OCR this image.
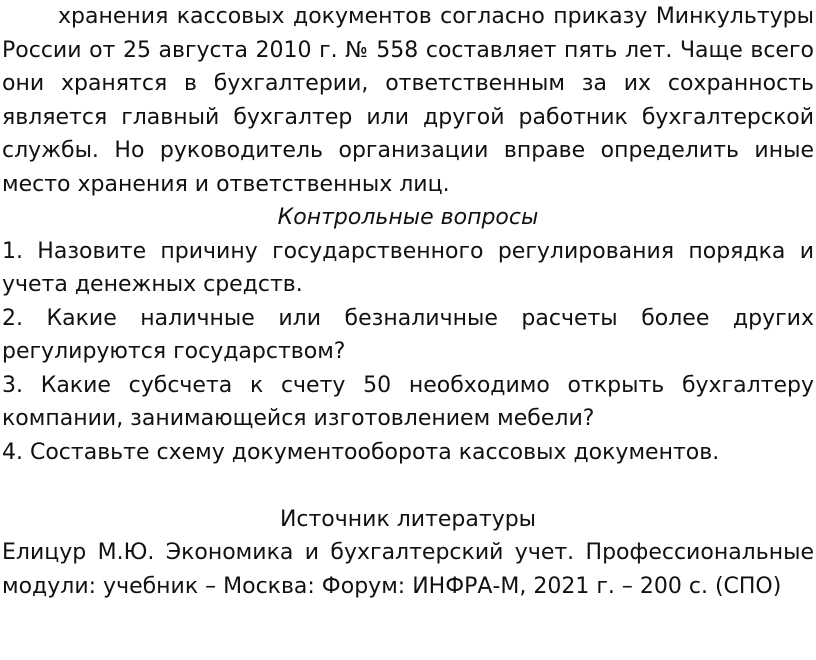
хранения кассовых документов согласно приказу Минкультуры России от 25 августа 2010 г. № 558 составляет пять лет. Чаще всего они хранятся в бухгалтерии, ответственным за их сохранность является главный бухгалтер или другой работник бухгалтерской службы. Но руководитель организации вправе определить иные место хранения и ответственных лиц.

Контрольные вопросы

1. Назовите причину государственного регулирования порядка и учета денежных средств.

2. Какие наличные или безналичные расчеты более других регулируются государством?

3. Какие субсчета к счету 50 необходимо открыть бухгалтеру компании, занимающейся изготовлением мебели?

4. Составьте схему документооборота кассовых документов.

Источник литературы

Елицур М.Ю. Экономика и бухгалтерский учет. Профессиональные модули: учебник – Москва: Форум: ИНФРА-М, 2021 г. – 200 с. (СПО)
